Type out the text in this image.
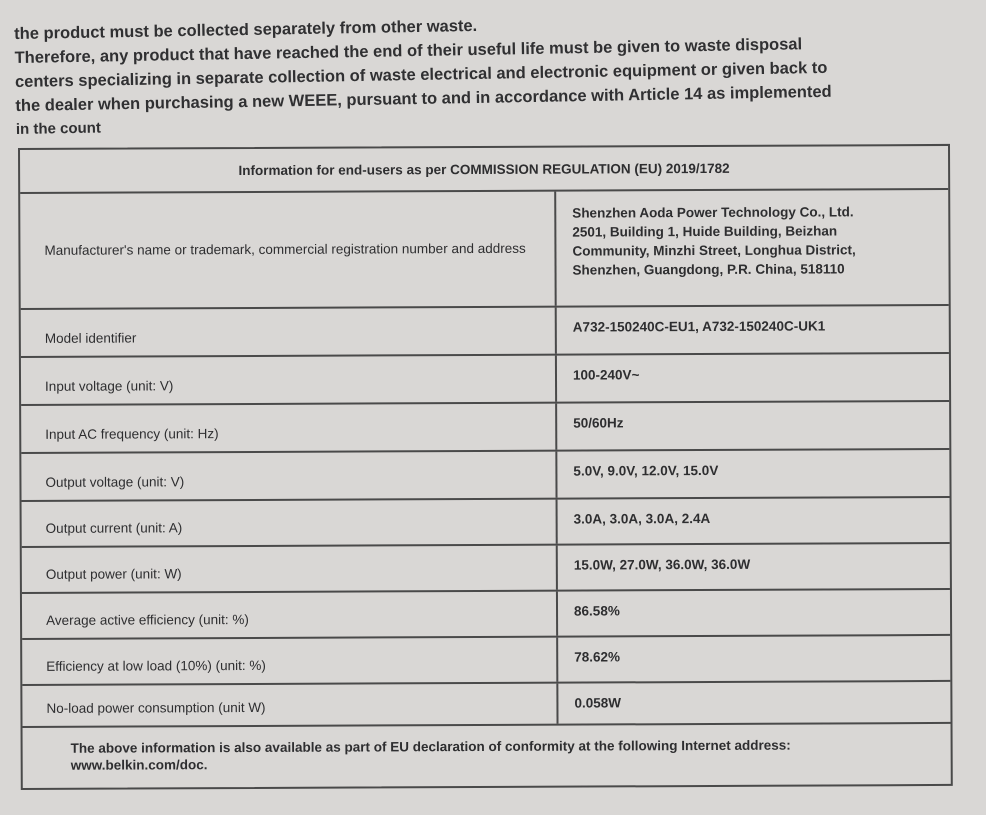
the product must be collected separately from other waste.
Therefore, any product that have reached the end of their useful life must be given to waste disposal
centers specializing in separate collection of waste electrical and electronic equipment or given back to
the dealer when purchasing a new WEEE, pursuant to and in accordance with Article 14 as implemented
in the count
Information for end-users as per COMMISSION REGULATION (EU) 2019/1782
Manufacturer's name or trademark, commercial registration number and address
Shenzhen Aoda Power Technology Co., Ltd.
2501, Building 1, Huide Building, Beizhan
Community, Minzhi Street, Longhua District,
Shenzhen, Guangdong, P.R. China, 518110
Model identifier
A732-150240C-EU1, A732-150240C-UK1
Input voltage (unit: V)
100-240V~
Input AC frequency (unit: Hz)
50/60Hz
Output voltage (unit: V)
5.0V, 9.0V, 12.0V, 15.0V
Output current (unit: A)
3.0A, 3.0A, 3.0A, 2.4A
Output power (unit: W)
15.0W, 27.0W, 36.0W, 36.0W
Average active efficiency (unit: %)
86.58%
Efficiency at low load (10%) (unit: %)
78.62%
No-load power consumption (unit W)	0.058W
The above information is also available as part of EU declaration of conformity at the following Internet address: www.belkin.com/doc.
